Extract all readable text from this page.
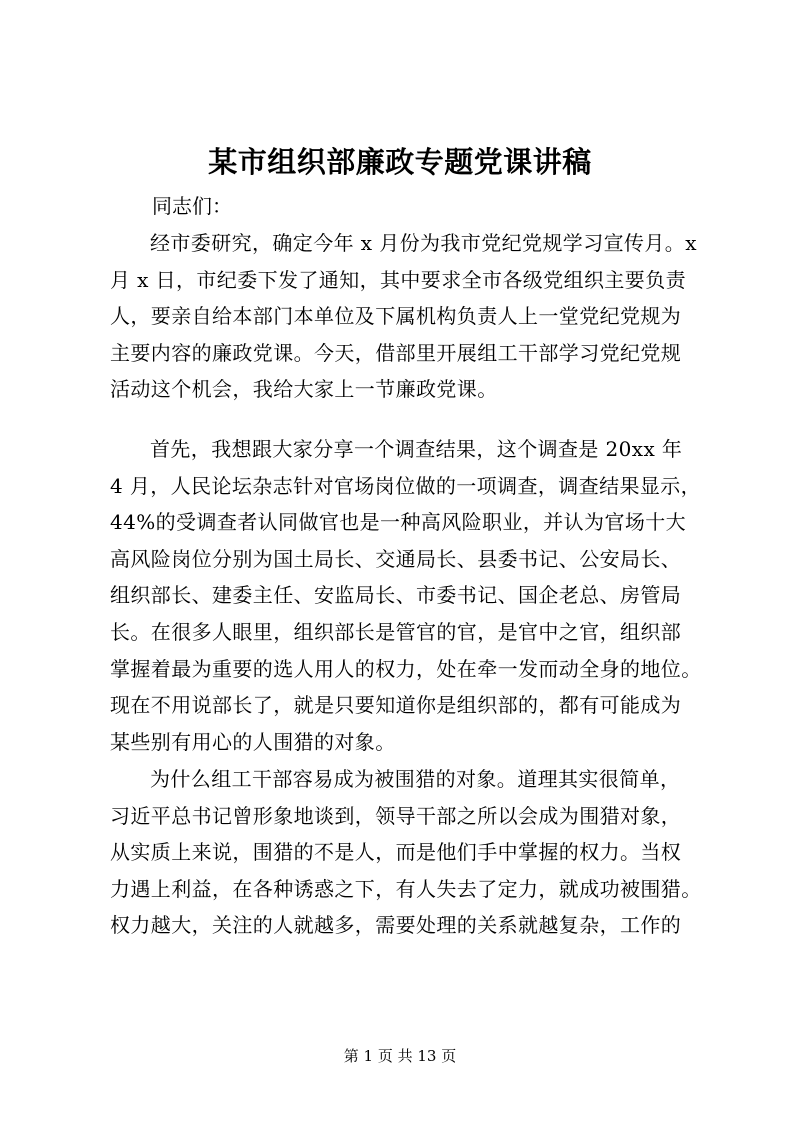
某市组织部廉政专题党课讲稿
同志们：
经市委研究，确定今年 x 月份为我市党纪党规学习宣传月。x
月 x 日，市纪委下发了通知，其中要求全市各级党组织主要负责
人，要亲自给本部门本单位及下属机构负责人上一堂党纪党规为
主要内容的廉政党课。今天，借部里开展组工干部学习党纪党规
活动这个机会，我给大家上一节廉政党课。
首先，我想跟大家分享一个调查结果，这个调查是 20xx 年
4 月，人民论坛杂志针对官场岗位做的一项调查，调查结果显示，
44%的受调查者认同做官也是一种高风险职业，并认为官场十大
高风险岗位分别为国土局长、交通局长、县委书记、公安局长、
组织部长、建委主任、安监局长、市委书记、国企老总、房管局
长。在很多人眼里，组织部长是管官的官，是官中之官，组织部
掌握着最为重要的选人用人的权力，处在牵一发而动全身的地位。
现在不用说部长了，就是只要知道你是组织部的，都有可能成为
某些别有用心的人围猎的对象。
为什么组工干部容易成为被围猎的对象。道理其实很简单，
习近平总书记曾形象地谈到，领导干部之所以会成为围猎对象，
从实质上来说，围猎的不是人，而是他们手中掌握的权力。当权
力遇上利益，在各种诱惑之下，有人失去了定力，就成功被围猎。
权力越大，关注的人就越多，需要处理的关系就越复杂，工作的
第 1 页 共 13 页
